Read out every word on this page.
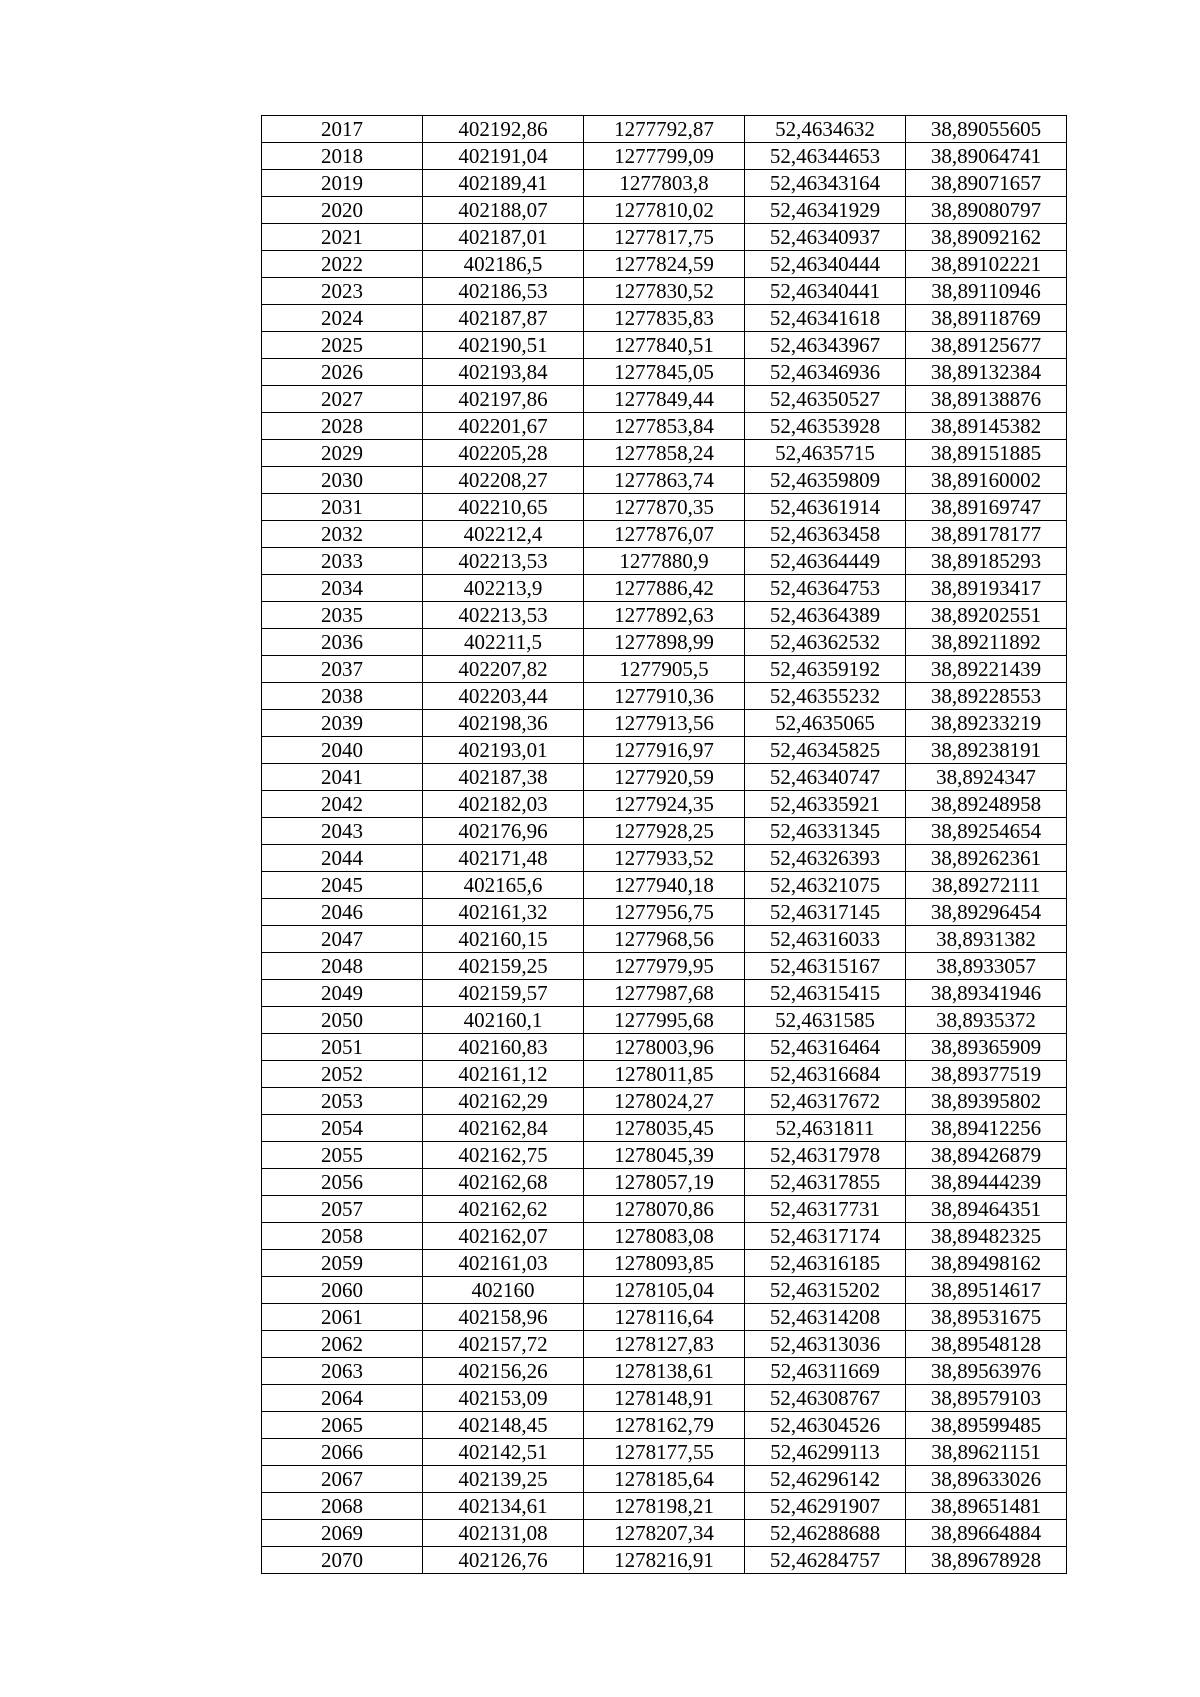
2017	402192,86	1277792,87	52,4634632	38,89055605
2018	402191,04	1277799,09	52,46344653	38,89064741
2019	402189,41	1277803,8	52,46343164	38,89071657
2020	402188,07	1277810,02	52,46341929	38,89080797
2021	402187,01	1277817,75	52,46340937	38,89092162
2022	402186,5	1277824,59	52,46340444	38,89102221
2023	402186,53	1277830,52	52,46340441	38,89110946
2024	402187,87	1277835,83	52,46341618	38,89118769
2025	402190,51	1277840,51	52,46343967	38,89125677
2026	402193,84	1277845,05	52,46346936	38,89132384
2027	402197,86	1277849,44	52,46350527	38,89138876
2028	402201,67	1277853,84	52,46353928	38,89145382
2029	402205,28	1277858,24	52,4635715	38,89151885
2030	402208,27	1277863,74	52,46359809	38,89160002
2031	402210,65	1277870,35	52,46361914	38,89169747
2032	402212,4	1277876,07	52,46363458	38,89178177
2033	402213,53	1277880,9	52,46364449	38,89185293
2034	402213,9	1277886,42	52,46364753	38,89193417
2035	402213,53	1277892,63	52,46364389	38,89202551
2036	402211,5	1277898,99	52,46362532	38,89211892
2037	402207,82	1277905,5	52,46359192	38,89221439
2038	402203,44	1277910,36	52,46355232	38,89228553
2039	402198,36	1277913,56	52,4635065	38,89233219
2040	402193,01	1277916,97	52,46345825	38,89238191
2041	402187,38	1277920,59	52,46340747	38,8924347
2042	402182,03	1277924,35	52,46335921	38,89248958
2043	402176,96	1277928,25	52,46331345	38,89254654
2044	402171,48	1277933,52	52,46326393	38,89262361
2045	402165,6	1277940,18	52,46321075	38,89272111
2046	402161,32	1277956,75	52,46317145	38,89296454
2047	402160,15	1277968,56	52,46316033	38,8931382
2048	402159,25	1277979,95	52,46315167	38,8933057
2049	402159,57	1277987,68	52,46315415	38,89341946
2050	402160,1	1277995,68	52,4631585	38,8935372
2051	402160,83	1278003,96	52,46316464	38,89365909
2052	402161,12	1278011,85	52,46316684	38,89377519
2053	402162,29	1278024,27	52,46317672	38,89395802
2054	402162,84	1278035,45	52,4631811	38,89412256
2055	402162,75	1278045,39	52,46317978	38,89426879
2056	402162,68	1278057,19	52,46317855	38,89444239
2057	402162,62	1278070,86	52,46317731	38,89464351
2058	402162,07	1278083,08	52,46317174	38,89482325
2059	402161,03	1278093,85	52,46316185	38,89498162
2060	402160	1278105,04	52,46315202	38,89514617
2061	402158,96	1278116,64	52,46314208	38,89531675
2062	402157,72	1278127,83	52,46313036	38,89548128
2063	402156,26	1278138,61	52,46311669	38,89563976
2064	402153,09	1278148,91	52,46308767	38,89579103
2065	402148,45	1278162,79	52,46304526	38,89599485
2066	402142,51	1278177,55	52,46299113	38,89621151
2067	402139,25	1278185,64	52,46296142	38,89633026
2068	402134,61	1278198,21	52,46291907	38,89651481
2069	402131,08	1278207,34	52,46288688	38,89664884
2070	402126,76	1278216,91	52,46284757	38,89678928
